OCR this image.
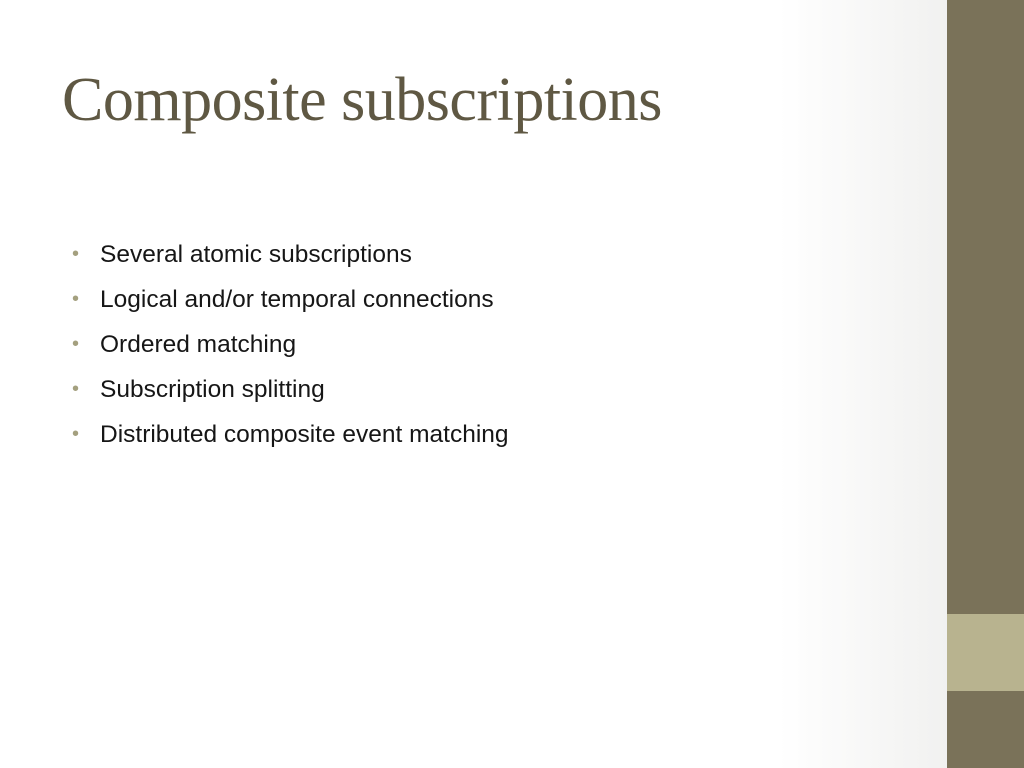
Composite subscriptions
• Several atomic subscriptions
• Logical and/or temporal connections
• Ordered matching
• Subscription splitting
• Distributed composite event matching
